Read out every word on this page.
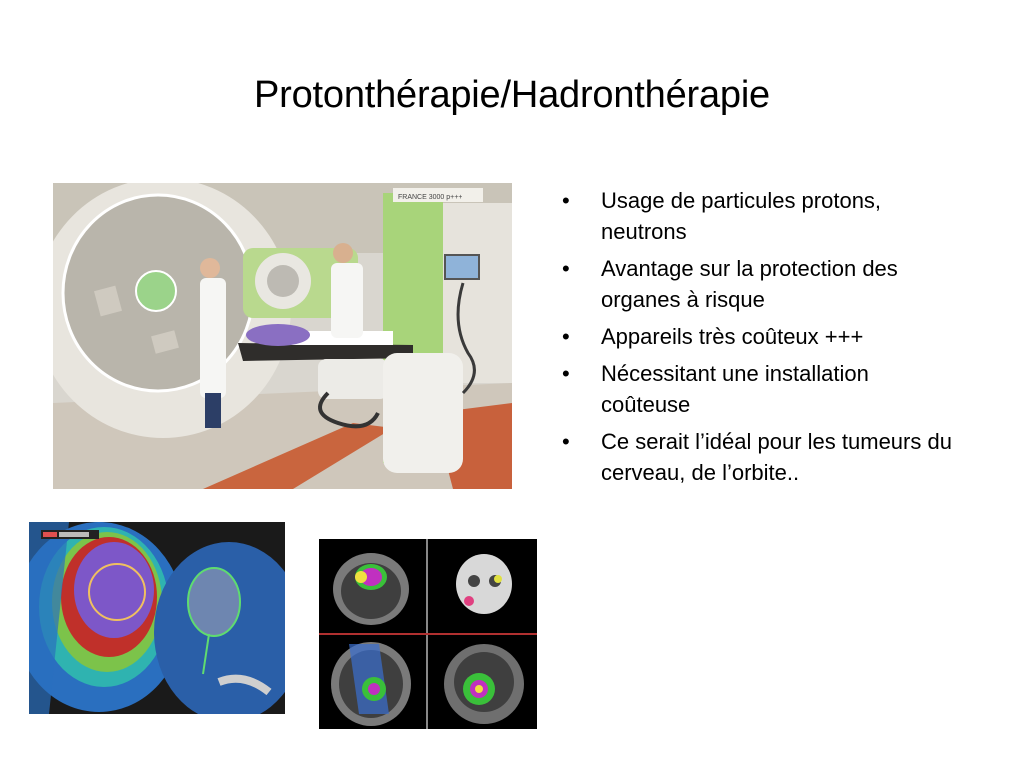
Protonthérapie/Hadronthérapie
FRANCE 3000 p+++	• Usage de particules protons, neutrons
• Avantage sur la protection des organes à risque
• Appareils très coûteux +++
• Nécessitant une installation coûteuse
• Ce serait l’idéal pour les tumeurs du cerveau, de l’orbite..
